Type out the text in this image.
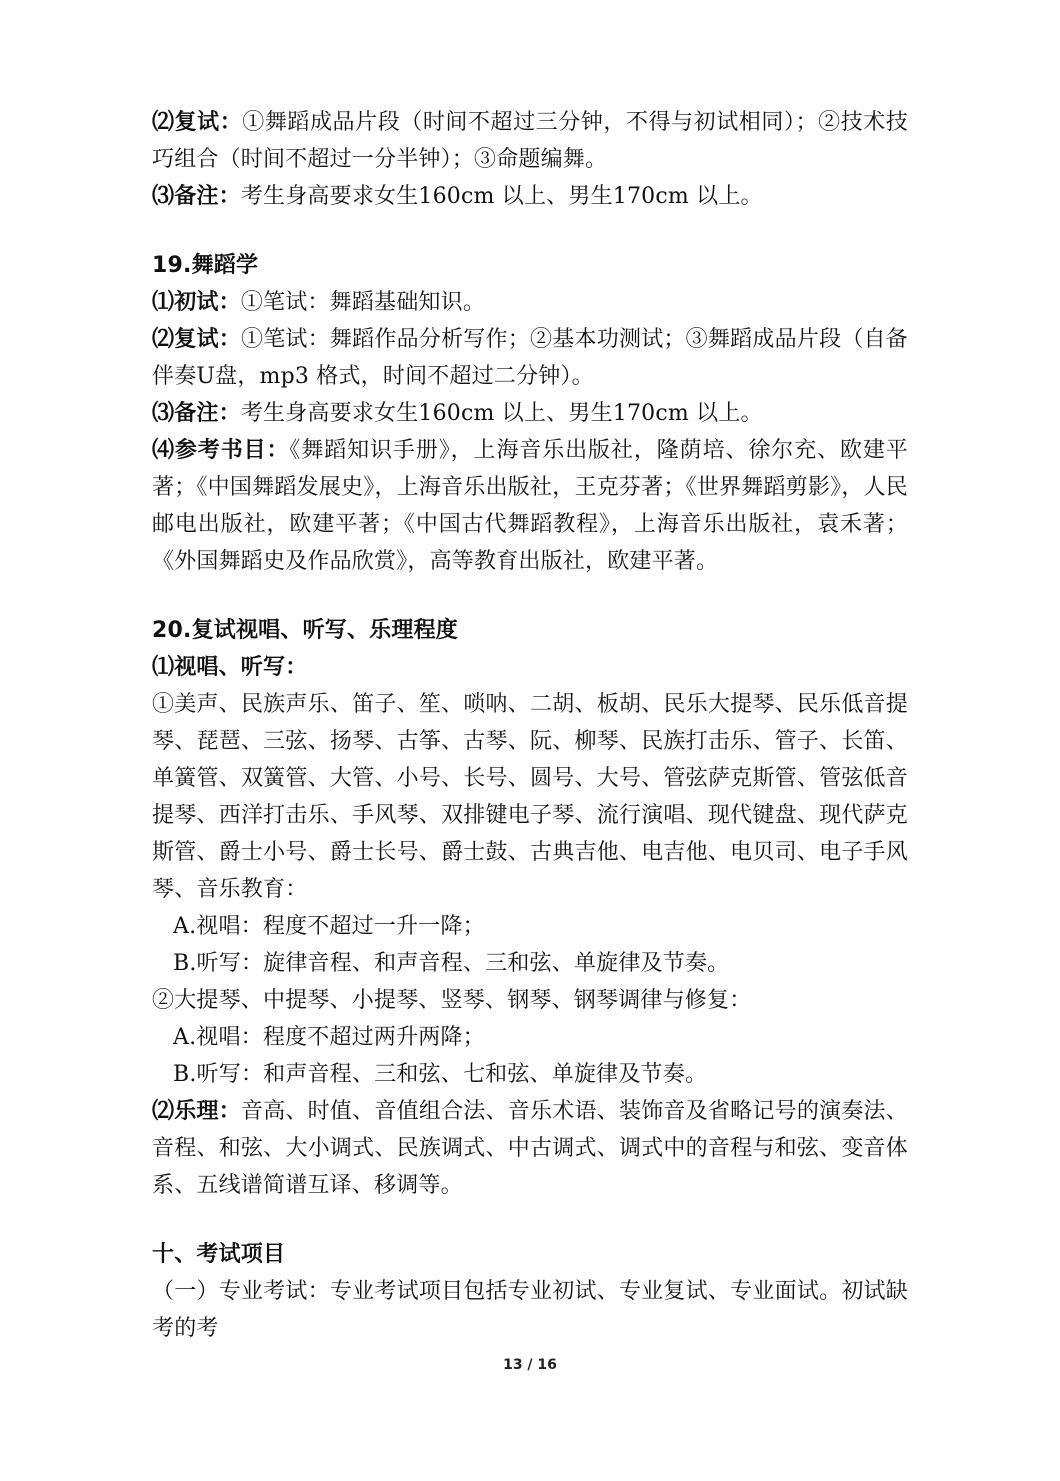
⑵复试：①舞蹈成品片段（时间不超过三分钟，不得与初试相同）；②技术技巧组合（时间不超过一分半钟）；③命题编舞。

⑶备注：考生身高要求女生160cm 以上、男生170cm 以上。

19.舞蹈学

⑴初试：①笔试：舞蹈基础知识。

⑵复试：①笔试：舞蹈作品分析写作；②基本功测试；③舞蹈成品片段（自备伴奏U盘，mp3 格式，时间不超过二分钟）。

⑶备注：考生身高要求女生160cm 以上、男生170cm 以上。

⑷参考书目：《舞蹈知识手册》，上海音乐出版社，隆荫培、徐尔充、欧建平著；《中国舞蹈发展史》，上海音乐出版社，王克芬著；《世界舞蹈剪影》，人民邮电出版社，欧建平著；《中国古代舞蹈教程》，上海音乐出版社，袁禾著；《外国舞蹈史及作品欣赏》，高等教育出版社，欧建平著。

20.复试视唱、听写、乐理程度

⑴视唱、听写：

①美声、民族声乐、笛子、笙、唢呐、二胡、板胡、民乐大提琴、民乐低音提琴、琵琶、三弦、扬琴、古筝、古琴、阮、柳琴、民族打击乐、管子、长笛、单簧管、双簧管、大管、小号、长号、圆号、大号、管弦萨克斯管、管弦低音提琴、西洋打击乐、手风琴、双排键电子琴、流行演唱、现代键盘、现代萨克斯管、爵士小号、爵士长号、爵士鼓、古典吉他、电吉他、电贝司、电子手风琴、音乐教育：

A.视唱：程度不超过一升一降；

B.听写：旋律音程、和声音程、三和弦、单旋律及节奏。

②大提琴、中提琴、小提琴、竖琴、钢琴、钢琴调律与修复：

A.视唱：程度不超过两升两降；

B.听写：和声音程、三和弦、七和弦、单旋律及节奏。

⑵乐理：音高、时值、音值组合法、音乐术语、装饰音及省略记号的演奏法、音程、和弦、大小调式、民族调式、中古调式、调式中的音程与和弦、变音体系、五线谱简谱互译、移调等。

十、考试项目

（一）专业考试：专业考试项目包括专业初试、专业复试、专业面试。初试缺考的考

13 / 16
